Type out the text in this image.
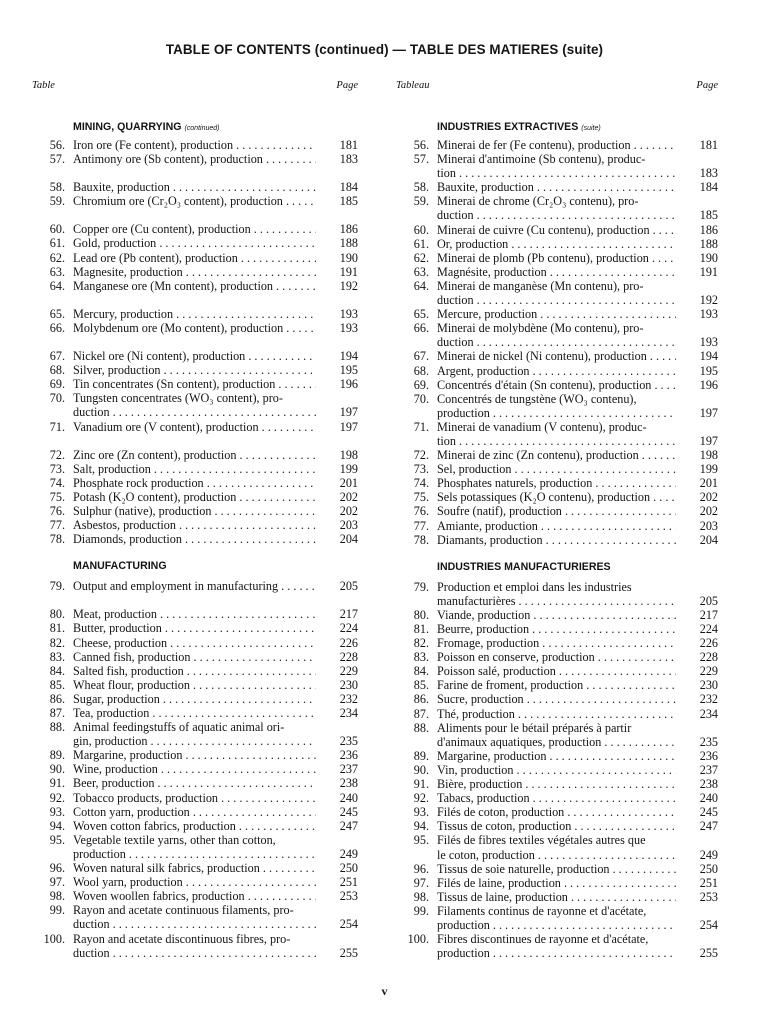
TABLE OF CONTENTS (continued) — TABLE DES MATIERES (suite)
Table	Page
MINING, QUARRYING (continued)
56. Iron ore (Fe content), production . . .	181
57. Antimony ore (Sb content), production . . .	183
58. Bauxite, production . . .	184
59. Chromium ore (Cr₂O₃ content), production . . .	185
60. Copper ore (Cu content), production . . .	186
61. Gold, production . . .	188
62. Lead ore (Pb content), production . . .	190
63. Magnesite, production . . .	191
64. Manganese ore (Mn content), production . . .	192
65. Mercury, production . . .	193
66. Molybdenum ore (Mo content), production . . .	193
67. Nickel ore (Ni content), production . . .	194
68. Silver, production . . .	195
69. Tin concentrates (Sn content), production . . .	196
70. Tungsten concentrates (WO₃ content), pro-
duction . . .	197
71. Vanadium ore (V content), production . . .	197
72. Zinc ore (Zn content), production . . .	198
73. Salt, production . . .	199
74. Phosphate rock production . . .	201
75. Potash (K₂O content), production . . .	202
76. Sulphur (native), production . . .	202
77. Asbestos, production . . .	203
78. Diamonds, production . . .	204
MANUFACTURING
79. Output and employment in manufacturing . . .	205
80. Meat, production . . .	217
81. Butter, production . . .	224
82. Cheese, production . . .	226
83. Canned fish, production . . .	228
84. Salted fish, production . . .	229
85. Wheat flour, production . . .	230
86. Sugar, production . . .	232
87. Tea, production . . .	234
88. Animal feedingstuffs of aquatic animal ori-
gin, production . . .	235
89. Margarine, production . . .	236
90. Wine, production . . .	237
91. Beer, production . . .	238
92. Tobacco products, production . . .	240
93. Cotton yarn, production . . .	245
94. Woven cotton fabrics, production . . .	247
95. Vegetable textile yarns, other than cotton,
production . . .	249
96. Woven natural silk fabrics, production . . .	250
97. Wool yarn, production . . .	251
98. Woven woollen fabrics, production . . .	253
99. Rayon and acetate continuous filaments, pro-
duction . . .	254
100. Rayon and acetate discontinuous fibres, pro-
duction . . .	255
Tableau	Page
INDUSTRIES EXTRACTIVES (suite)
56. Minerai de fer (Fe contenu), production . . .	181
57. Minerai d'antimoine (Sb contenu), produc-
tion . . .	183
58. Bauxite, production . . .	184
59. Minerai de chrome (Cr₂O₃ contenu), pro-
duction . . .	185
60. Minerai de cuivre (Cu contenu), production . . .	186
61. Or, production . . .	188
62. Minerai de plomb (Pb contenu), production . . .	190
63. Magnésite, production . . .	191
64. Minerai de manganèse (Mn contenu), pro-
duction . . .	192
65. Mercure, production . . .	193
66. Minerai de molybdène (Mo contenu), pro-
duction . . .	193
67. Minerai de nickel (Ni contenu), production . . .	194
68. Argent, production . . .	195
69. Concentrés d'étain (Sn contenu), production . . .	196
70. Concentrés de tungstène (WO₃ contenu),
production . . .	197
71. Minerai de vanadium (V contenu), produc-
tion . . .	197
72. Minerai de zinc (Zn contenu), production . . .	198
73. Sel, production . . .	199
74. Phosphates naturels, production . . .	201
75. Sels potassiques (K₂O contenu), production . . .	202
76. Soufre (natif), production . . .	202
77. Amiante, production . . .	203
78. Diamants, production . . .	204
INDUSTRIES MANUFACTURIERES
79. Production et emploi dans les industries
manufacturières . . .	205
80. Viande, production . . .	217
81. Beurre, production . . .	224
82. Fromage, production . . .	226
83. Poisson en conserve, production . . .	228
84. Poisson salé, production . . .	229
85. Farine de froment, production . . .	230
86. Sucre, production . . .	232
87. Thé, production . . .	234
88. Aliments pour le bétail préparés à partir
d'animaux aquatiques, production . . .	235
89. Margarine, production . . .	236
90. Vin, production . . .	237
91. Bière, production . . .	238
92. Tabacs, production . . .	240
93. Filés de coton, production . . .	245
94. Tissus de coton, production . . .	247
95. Filés de fibres textiles végétales autres que
le coton, production . . .	249
96. Tissus de soie naturelle, production . . .	250
97. Filés de laine, production . . .	251
98. Tissus de laine, production . . .	253
99. Filaments continus de rayonne et d'acétate,
production . . .	254
100. Fibres discontinues de rayonne et d'acétate,
production . . .	255
v
